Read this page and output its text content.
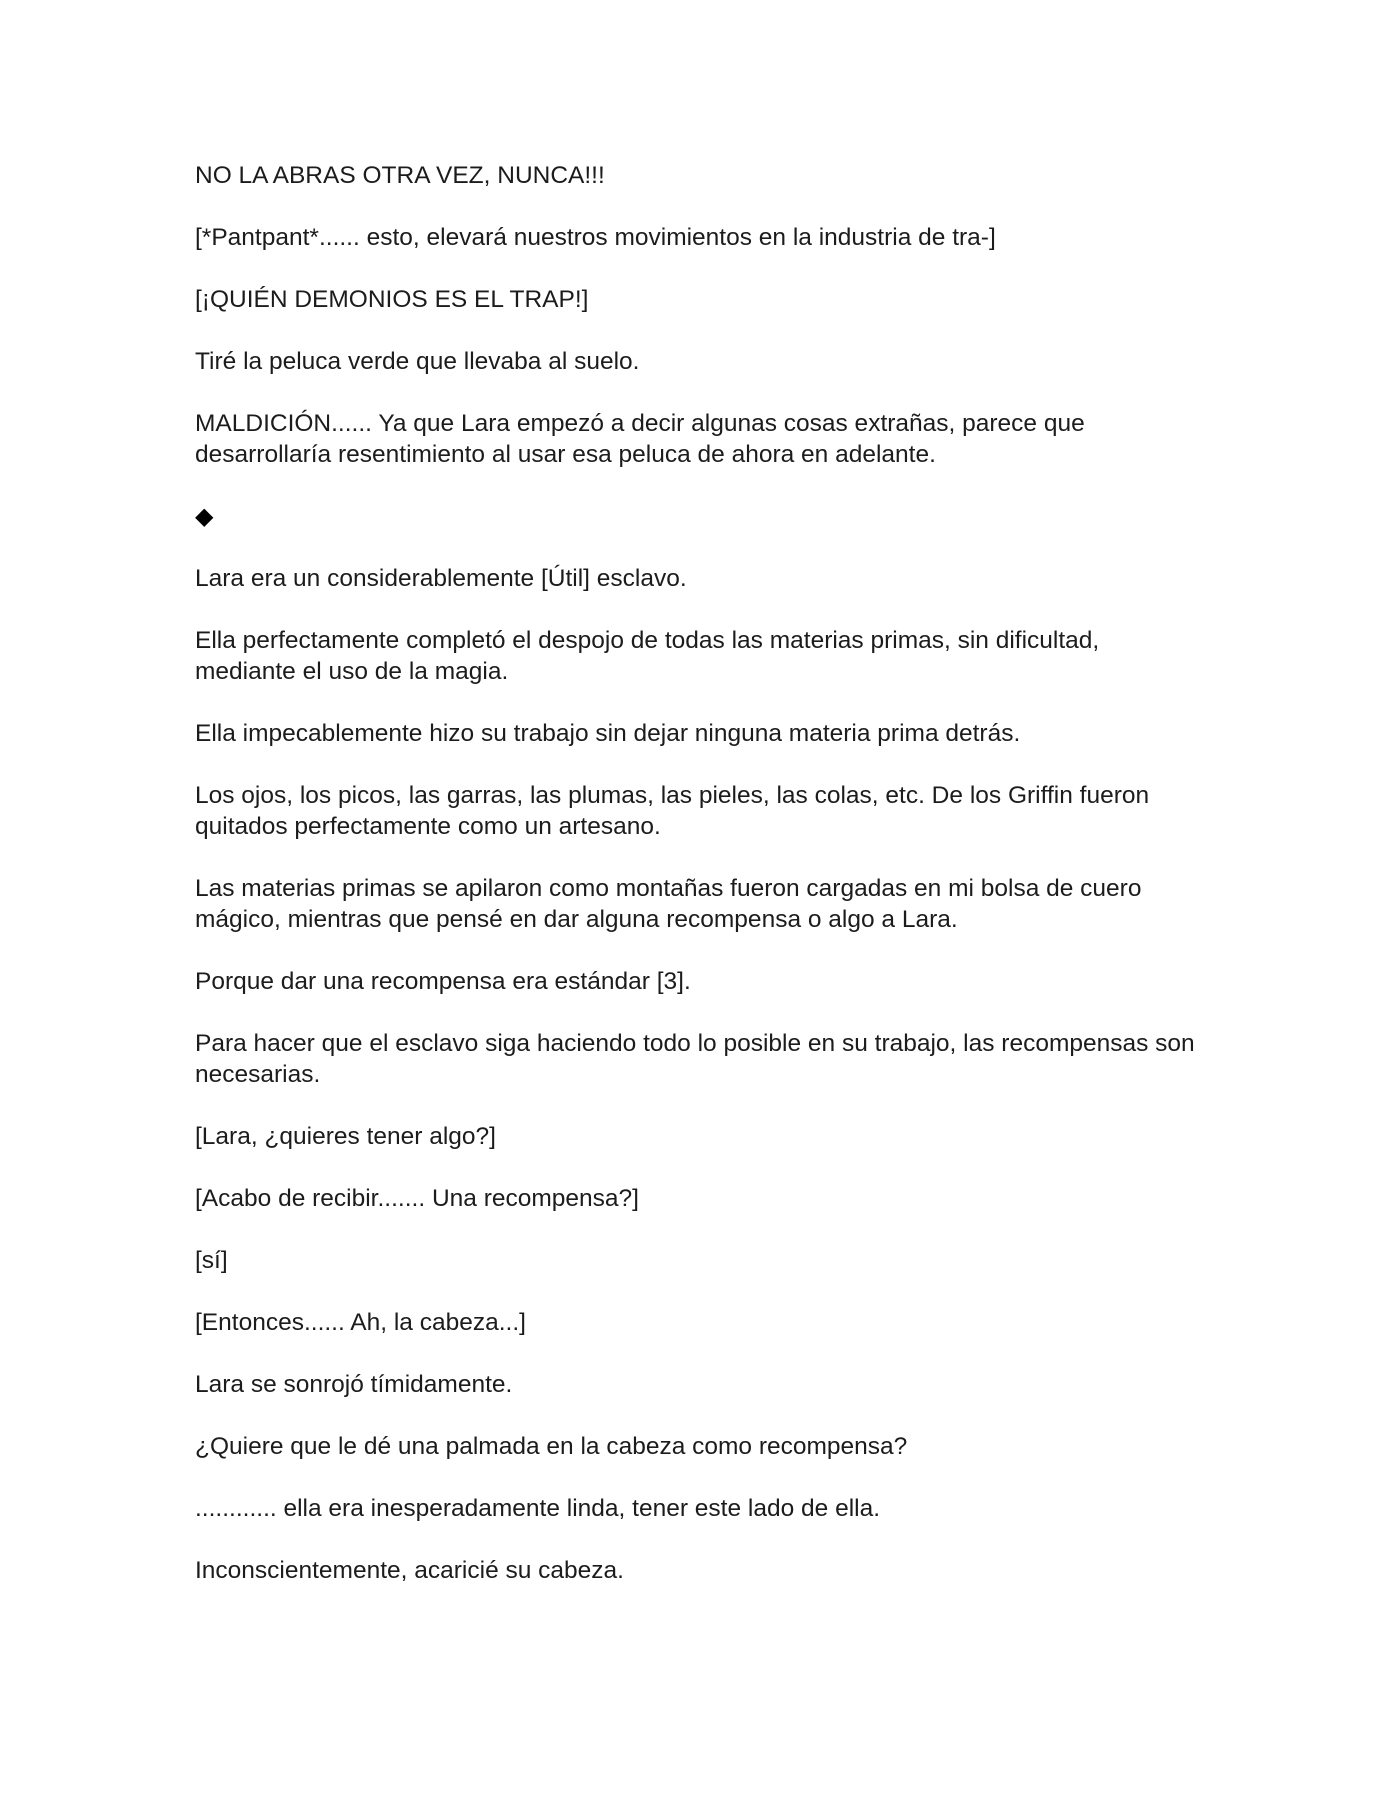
NO LA ABRAS OTRA VEZ, NUNCA!!!

[*Pantpant*...... esto, elevará nuestros movimientos en la industria de tra-]

[¡QUIÉN DEMONIOS ES EL TRAP!]

Tiré la peluca verde que llevaba al suelo.

MALDICIÓN...... Ya que Lara empezó a decir algunas cosas extrañas, parece que desarrollaría resentimiento al usar esa peluca de ahora en adelante.

◆

Lara era un considerablemente [Útil] esclavo.

Ella perfectamente completó el despojo de todas las materias primas, sin dificultad, mediante el uso de la magia.

Ella impecablemente hizo su trabajo sin dejar ninguna materia prima detrás.

Los ojos, los picos, las garras, las plumas, las pieles, las colas, etc. De los Griffin fueron quitados perfectamente como un artesano.

Las materias primas se apilaron como montañas fueron cargadas en mi bolsa de cuero mágico, mientras que pensé en dar alguna recompensa o algo a Lara.

Porque dar una recompensa era estándar [3].

Para hacer que el esclavo siga haciendo todo lo posible en su trabajo, las recompensas son necesarias.

[Lara, ¿quieres tener algo?]

[Acabo de recibir....... Una recompensa?]

[sí]

[Entonces...... Ah, la cabeza...]

Lara se sonrojó tímidamente.

¿Quiere que le dé una palmada en la cabeza como recompensa?

............ ella era inesperadamente linda, tener este lado de ella.

Inconscientemente, acaricié su cabeza.
